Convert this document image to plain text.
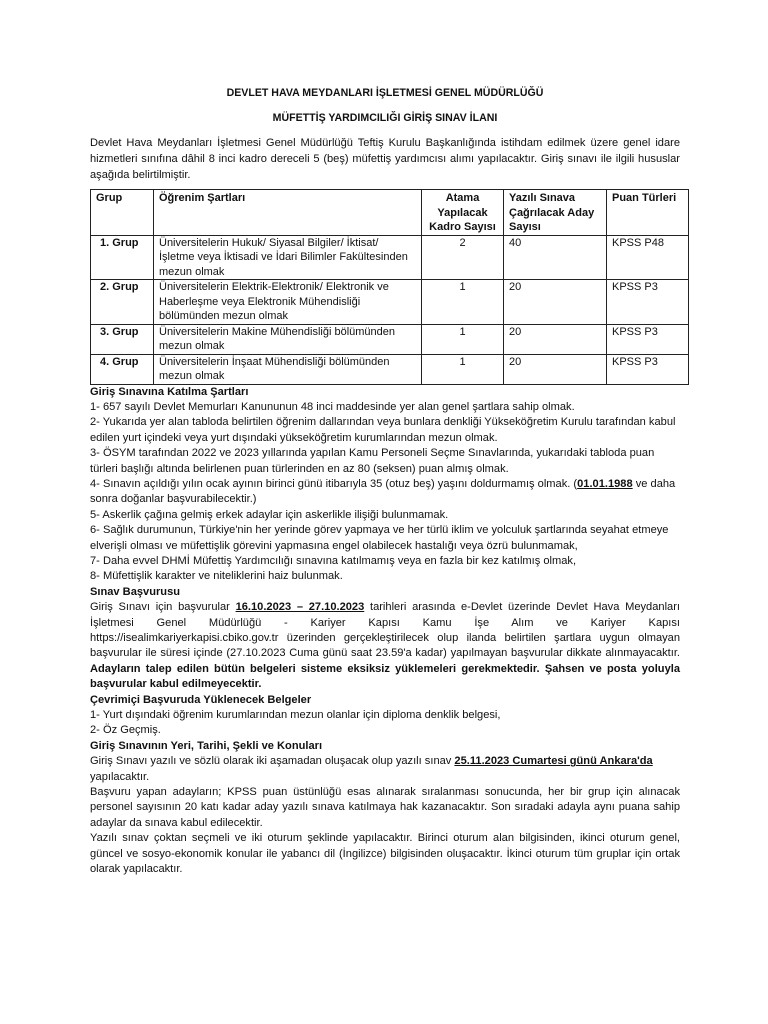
DEVLET HAVA MEYDANLARI İŞLETMESİ GENEL MÜDÜRLÜĞÜ
MÜFETTİŞ YARDIMCILIĞI GİRİŞ SINAV İLANI

Devlet Hava Meydanları İşletmesi Genel Müdürlüğü Teftiş Kurulu Başkanlığında istihdam edilmek üzere genel idare hizmetleri sınıfına dâhil 8 inci kadro dereceli 5 (beş) müfettiş yardımcısı alımı yapılacaktır. Giriş sınavı ile ilgili hususlar aşağıda belirtilmiştir.

Grup	Öğrenim Şartları	Atama Yapılacak Kadro Sayısı	Yazılı Sınava Çağrılacak Aday Sayısı	Puan Türleri
1. Grup	Üniversitelerin Hukuk/ Siyasal Bilgiler/ İktisat/ İşletme veya İktisadi ve İdari Bilimler Fakültesinden mezun olmak	2	40	KPSS P48
2. Grup	Üniversitelerin Elektrik-Elektronik/ Elektronik ve Haberleşme veya Elektronik Mühendisliği bölümünden mezun olmak	1	20	KPSS P3
3. Grup	Üniversitelerin Makine Mühendisliği bölümünden mezun olmak	1	20	KPSS P3
4. Grup	Üniversitelerin İnşaat Mühendisliği bölümünden mezun olmak	1	20	KPSS P3

Giriş Sınavına Katılma Şartları

1- 657 sayılı Devlet Memurları Kanununun 48 inci maddesinde yer alan genel şartlara sahip olmak.

2- Yukarıda yer alan tabloda belirtilen öğrenim dallarından veya bunlara denkliği Yükseköğretim Kurulu tarafından kabul edilen yurt içindeki veya yurt dışındaki yükseköğretim kurumlarından mezun olmak.

3- ÖSYM tarafından 2022 ve 2023 yıllarında yapılan Kamu Personeli Seçme Sınavlarında, yukarıdaki tabloda puan türleri başlığı altında belirlenen puan türlerinden en az 80 (seksen) puan almış olmak.

4- Sınavın açıldığı yılın ocak ayının birinci günü itibarıyla 35 (otuz beş) yaşını doldurmamış olmak. (01.01.1988 ve daha sonra doğanlar başvurabilecektir.)

5- Askerlik çağına gelmiş erkek adaylar için askerlikle ilişiği bulunmamak.

6- Sağlık durumunun, Türkiye'nin her yerinde görev yapmaya ve her türlü iklim ve yolculuk şartlarında seyahat etmeye elverişli olması ve müfettişlik görevini yapmasına engel olabilecek hastalığı veya özrü bulunmamak,

7- Daha evvel DHMİ Müfettiş Yardımcılığı sınavına katılmamış veya en fazla bir kez katılmış olmak,

8- Müfettişlik karakter ve niteliklerini haiz bulunmak.

Sınav Başvurusu

Giriş Sınavı için başvurular 16.10.2023 – 27.10.2023 tarihleri arasında e-Devlet üzerinde Devlet Hava Meydanları

İşletmesi Genel Müdürlüğü - Kariyer Kapısı Kamu İşe Alım ve Kariyer Kapısı

https://isealimkariyerkapisi.cbiko.gov.tr üzerinden gerçekleştirilecek olup ilanda belirtilen şartlara uygun olmayan başvurular ile süresi içinde (27.10.2023 Cuma günü saat 23.59'a kadar) yapılmayan başvurular dikkate alınmayacaktır. Adayların talep edilen bütün belgeleri sisteme eksiksiz yüklemeleri gerekmektedir. Şahsen ve posta yoluyla başvurular kabul edilmeyecektir.

Çevrimiçi Başvuruda Yüklenecek Belgeler

1- Yurt dışındaki öğrenim kurumlarından mezun olanlar için diploma denklik belgesi,

2- Öz Geçmiş.

Giriş Sınavının Yeri, Tarihi, Şekli ve Konuları

Giriş Sınavı yazılı ve sözlü olarak iki aşamadan oluşacak olup yazılı sınav 25.11.2023 Cumartesi günü Ankara'da yapılacaktır.

Başvuru yapan adayların; KPSS puan üstünlüğü esas alınarak sıralanması sonucunda, her bir grup için alınacak personel sayısının 20 katı kadar aday yazılı sınava katılmaya hak kazanacaktır. Son sıradaki adayla aynı puana sahip adaylar da sınava kabul edilecektir.

Yazılı sınav çoktan seçmeli ve iki oturum şeklinde yapılacaktır. Birinci oturum alan bilgisinden, ikinci oturum genel, güncel ve sosyo-ekonomik konular ile yabancı dil (İngilizce) bilgisinden oluşacaktır. İkinci oturum tüm gruplar için ortak olarak yapılacaktır.
